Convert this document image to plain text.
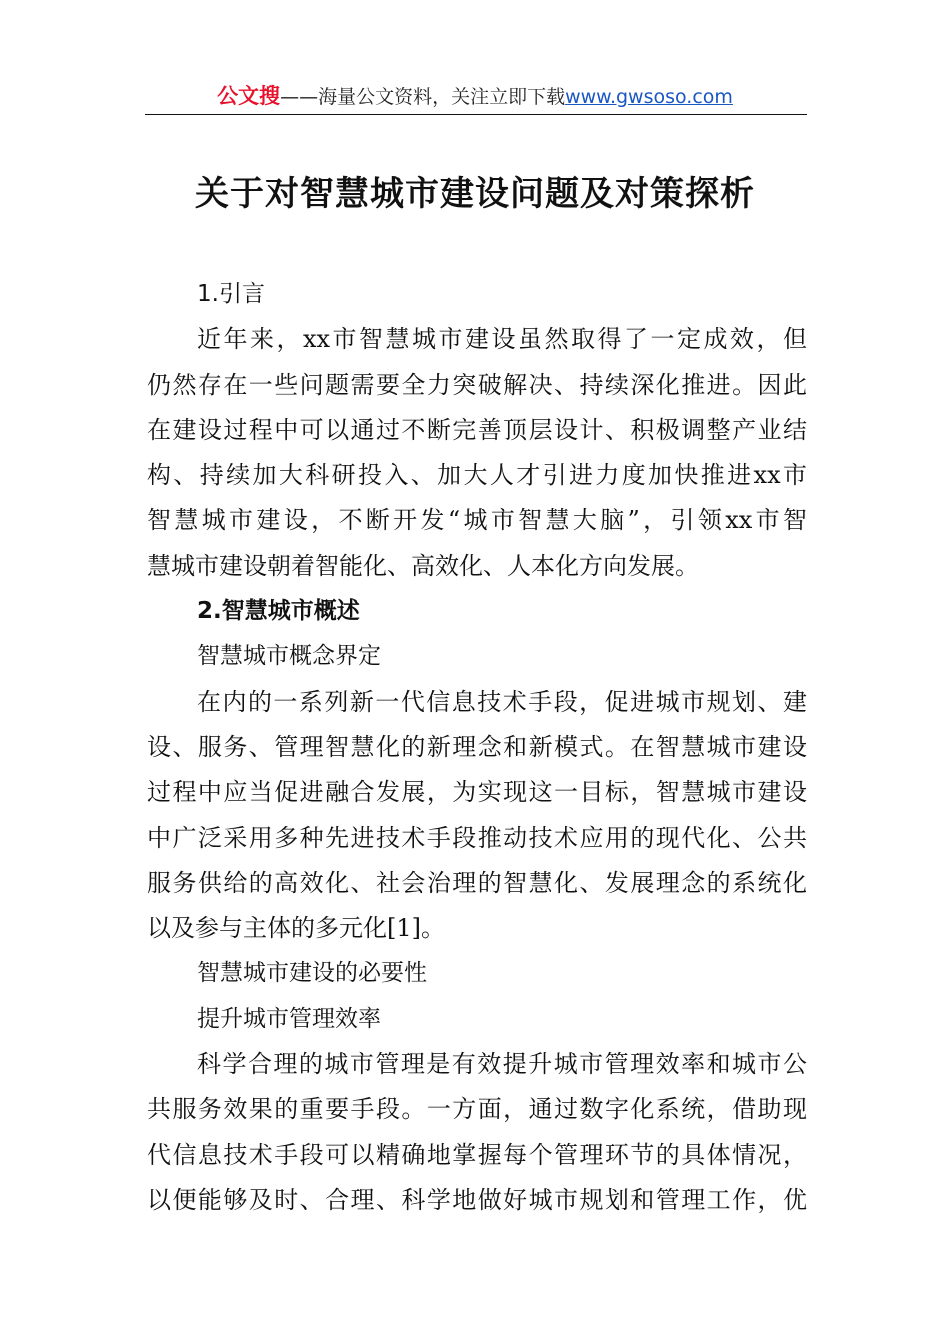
公文搜——海量公文资料，关注立即下载www.gwsoso.com
关于对智慧城市建设问题及对策探析
1.引言
近年来，xx市智慧城市建设虽然取得了一定成效，但
仍然存在一些问题需要全力突破解决、持续深化推进。因此
在建设过程中可以通过不断完善顶层设计、积极调整产业结
构、持续加大科研投入、加大人才引进力度加快推进xx市
智慧城市建设，不断开发“城市智慧大脑”，引领xx市智
慧城市建设朝着智能化、高效化、人本化方向发展。
2.智慧城市概述
智慧城市概念界定
在内的一系列新一代信息技术手段，促进城市规划、建
设、服务、管理智慧化的新理念和新模式。在智慧城市建设
过程中应当促进融合发展，为实现这一目标，智慧城市建设
中广泛采用多种先进技术手段推动技术应用的现代化、公共
服务供给的高效化、社会治理的智慧化、发展理念的系统化
以及参与主体的多元化[1]。
智慧城市建设的必要性
提升城市管理效率
科学合理的城市管理是有效提升城市管理效率和城市公
共服务效果的重要手段。一方面，通过数字化系统，借助现
代信息技术手段可以精确地掌握每个管理环节的具体情况，
以便能够及时、合理、科学地做好城市规划和管理工作，优
